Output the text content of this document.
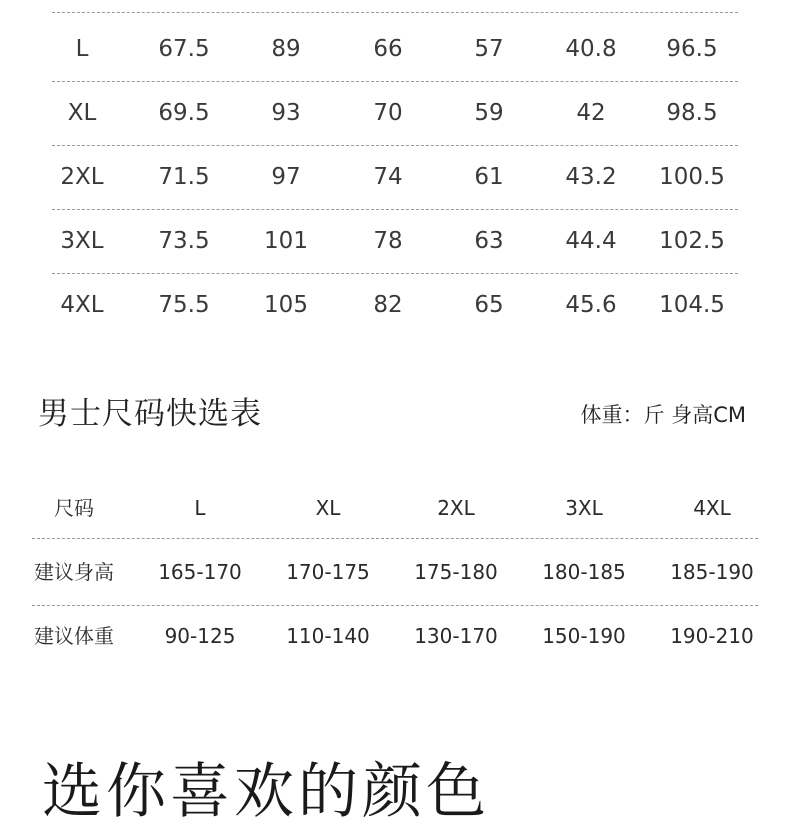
L	67.5	89	66	57	40.8	96.5
XL	69.5	93	70	59	42	98.5
2XL	71.5	97	74	61	43.2	100.5
3XL	73.5	101	78	63	44.4	102.5
4XL	75.5	105	82	65	45.6	104.5
男士尺码快选表	体重：斤 身高CM
尺码	L	XL	2XL	3XL	4XL
建议身高	165-170	170-175	175-180	180-185	185-190
建议体重	90-125	110-140	130-170	150-190	190-210
选你喜欢的颜色
